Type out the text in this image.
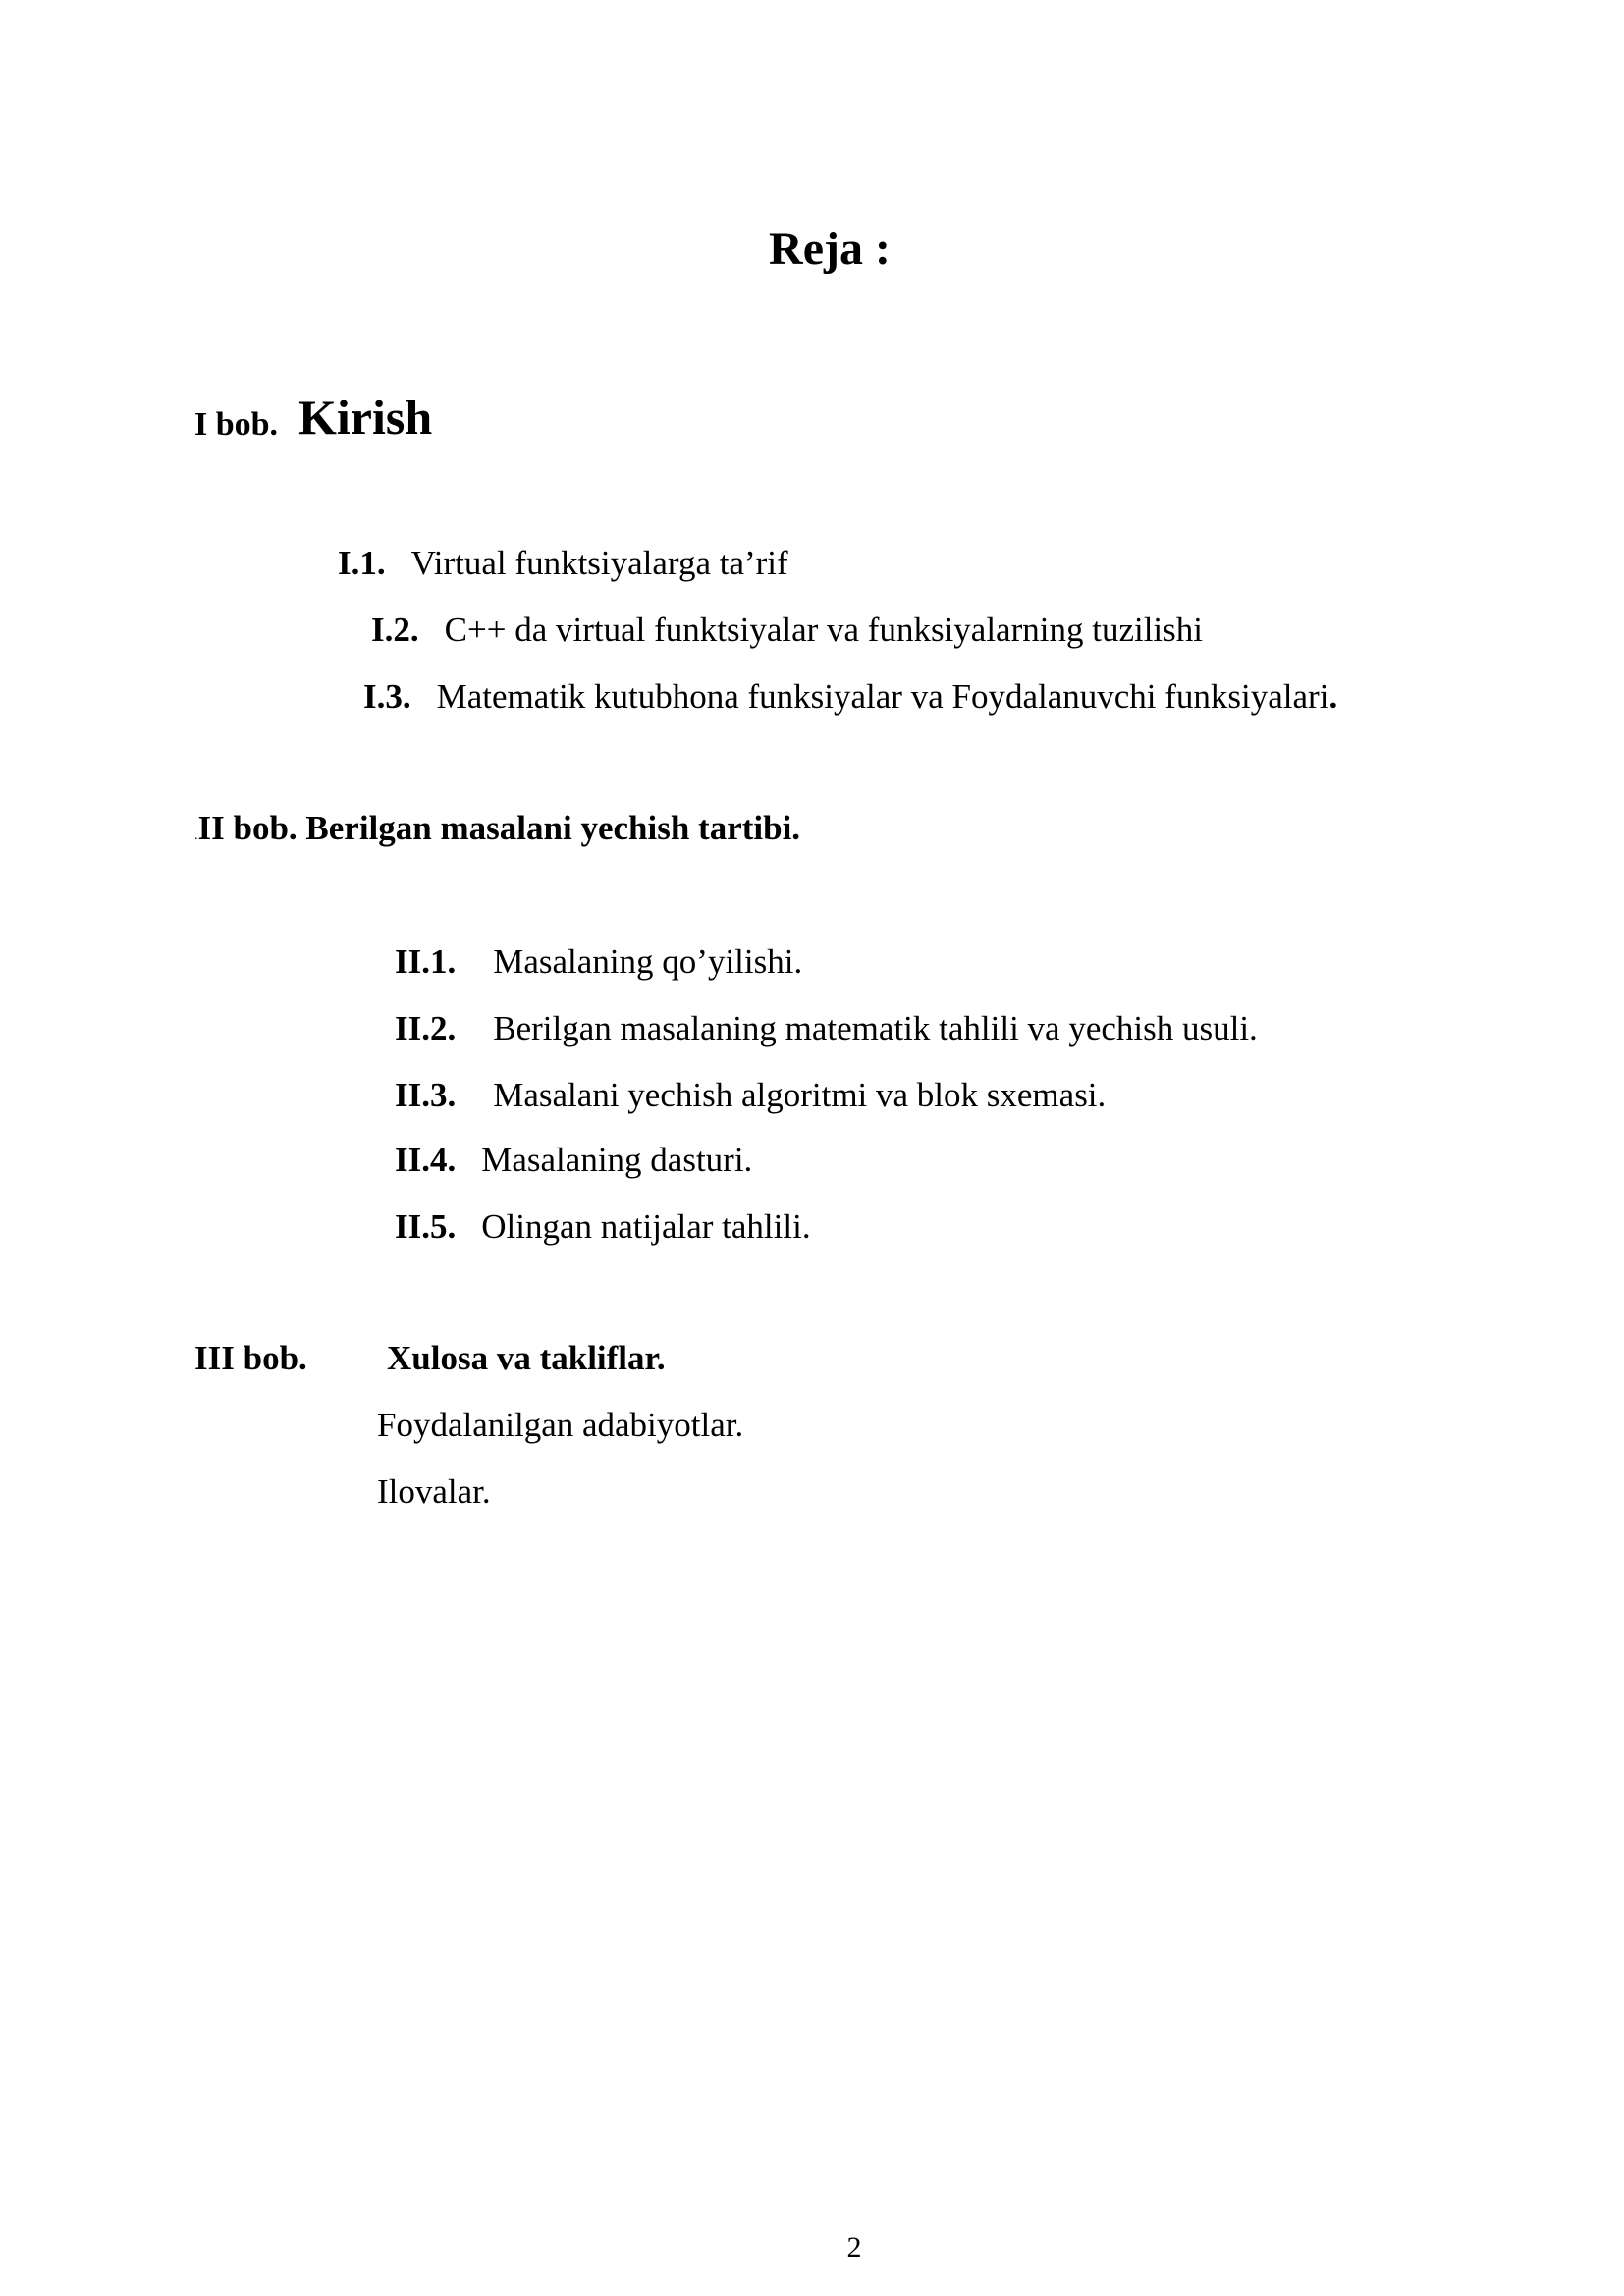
Reja :
I bob. Kirish
I.1. Virtual funktsiyalarga ta’rif
I.2. C++ da virtual funktsiyalar va funksiyalarning tuzilishi
I.3. Matematik kutubhona funksiyalar va Foydalanuvchi funksiyalari.
.II bob. Berilgan masalani yechish tartibi.
II.1. Masalaning qo’yilishi.
II.2. Berilgan masalaning matematik tahlili va yechish usuli.
II.3. Masalani yechish algoritmi va blok sxemasi.
II.4. Masalaning dasturi.
II.5. Olingan natijalar tahlili.
III bob. Xulosa va takliflar.
Foydalanilgan adabiyotlar.
Ilovalar.
2
